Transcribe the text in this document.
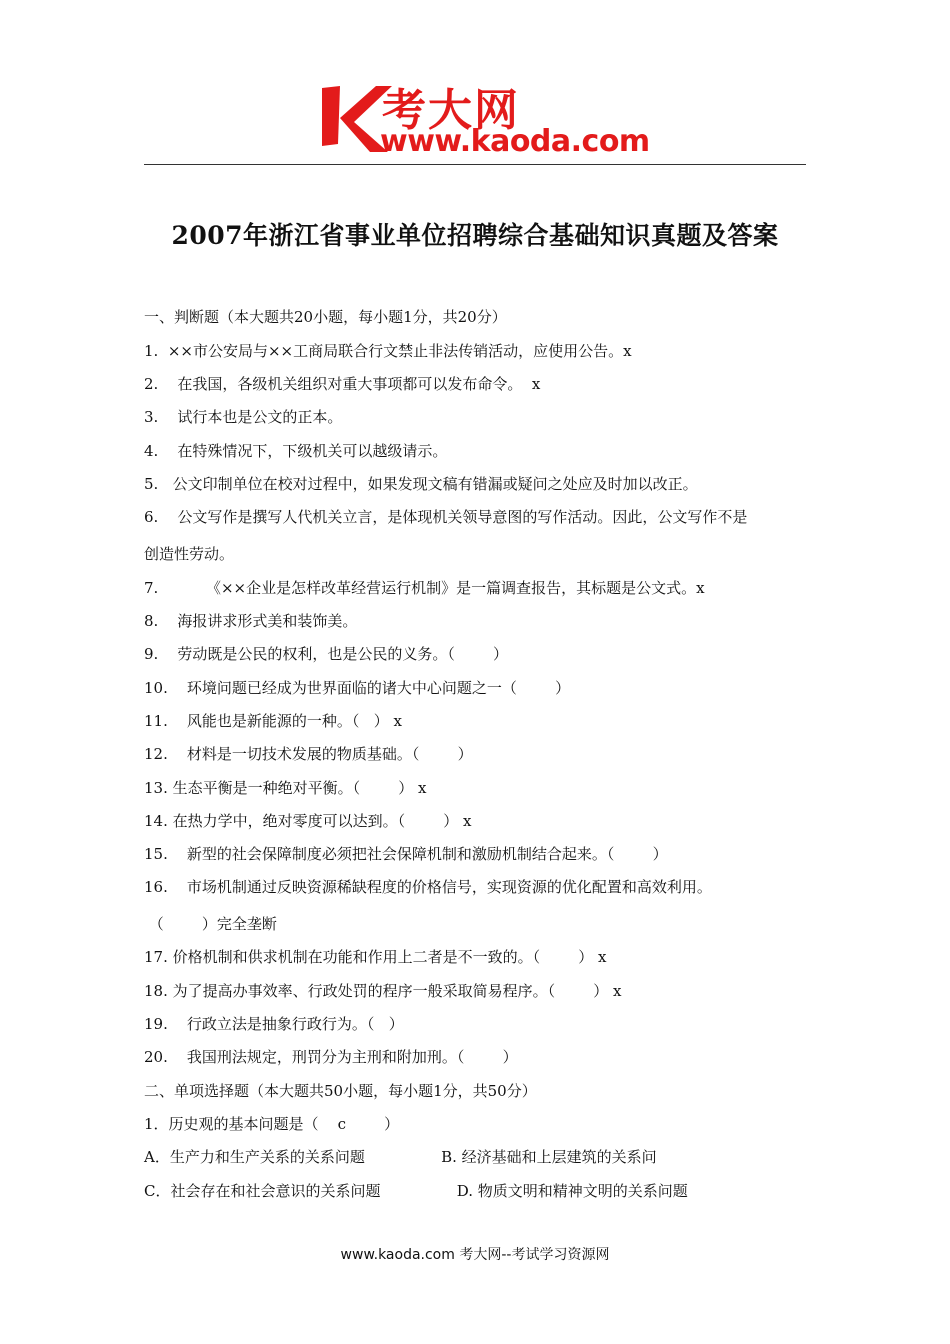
考大网
www.kaoda.com
2007年浙江省事业单位招聘综合基础知识真题及答案
一、判断题（本大题共20小题，每小题1分，共20分）
1.  ××市公安局与××工商局联合行文禁止非法传销活动，应使用公告。x
2.    在我国，各级机关组织对重大事项都可以发布命令。  x
3.    试行本也是公文的正本。
4.    在特殊情况下，下级机关可以越级请示。
5.   公文印制单位在校对过程中，如果发现文稿有错漏或疑问之处应及时加以改正。
6.    公文写作是撰写人代机关立言，是体现机关领导意图的写作活动。因此，公文写作不是
创造性劳动。
7.          《××企业是怎样改革经营运行机制》是一篇调查报告，其标题是公文式。x
8.    海报讲求形式美和装饰美。
9.    劳动既是公民的权利，也是公民的义务。（        ）
10.    环境问题已经成为世界面临的诸大中心问题之一（        ）
11.    风能也是新能源的一种。（   ） x
12.    材料是一切技术发展的物质基础。（        ）
13. 生态平衡是一种绝对平衡。（        ） x
14. 在热力学中，绝对零度可以达到。（        ） x
15.    新型的社会保障制度必须把社会保障机制和激励机制结合起来。（        ）
16.    市场机制通过反映资源稀缺程度的价格信号，实现资源的优化配置和高效利用。
（        ）完全垄断
17. 价格机制和供求机制在功能和作用上二者是不一致的。（        ） x
18. 为了提高办事效率、行政处罚的程序一般采取简易程序。（        ） x
19.    行政立法是抽象行政行为。（   ）
20.    我国刑法规定，刑罚分为主刑和附加刑。（        ）
二、单项选择题（本大题共50小题，每小题1分，共50分）
1．历史观的基本问题是（    c        ）
A．生产力和生产关系的关系问题                B. 经济基础和上层建筑的关系问
C．社会存在和社会意识的关系问题                D. 物质文明和精神文明的关系问题
www.kaoda.com 考大网--考试学习资源网
